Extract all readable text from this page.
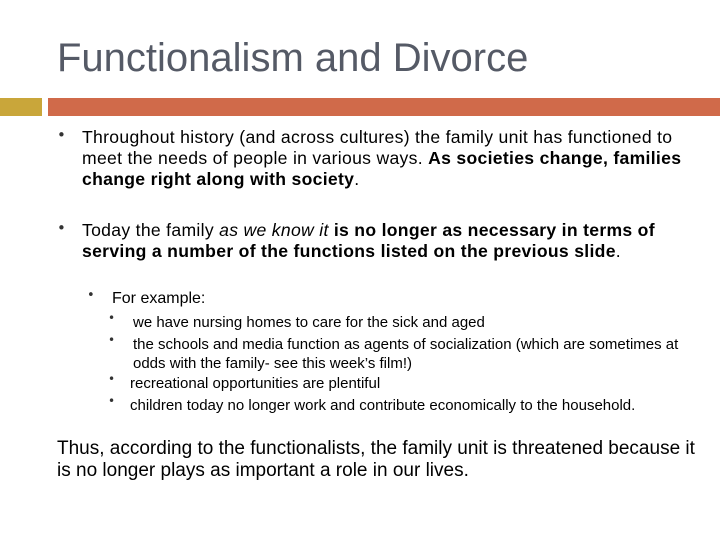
Functionalism and Divorce
• Throughout history (and across cultures) the family unit has functioned to meet the needs of people in various ways. As societies change, families change right along with society.

• Today the family as we know it is no longer as necessary in terms of serving a number of the functions listed on the previous slide.

• For example:

• we have nursing homes to care for the sick and aged

• the schools and media function as agents of socialization (which are sometimes at odds with the family- see this week’s film!)

• recreational opportunities are plentiful

• children today no longer work and contribute economically to the household.

Thus, according to the functionalists, the family unit is threatened because it is no longer plays as important a role in our lives.
